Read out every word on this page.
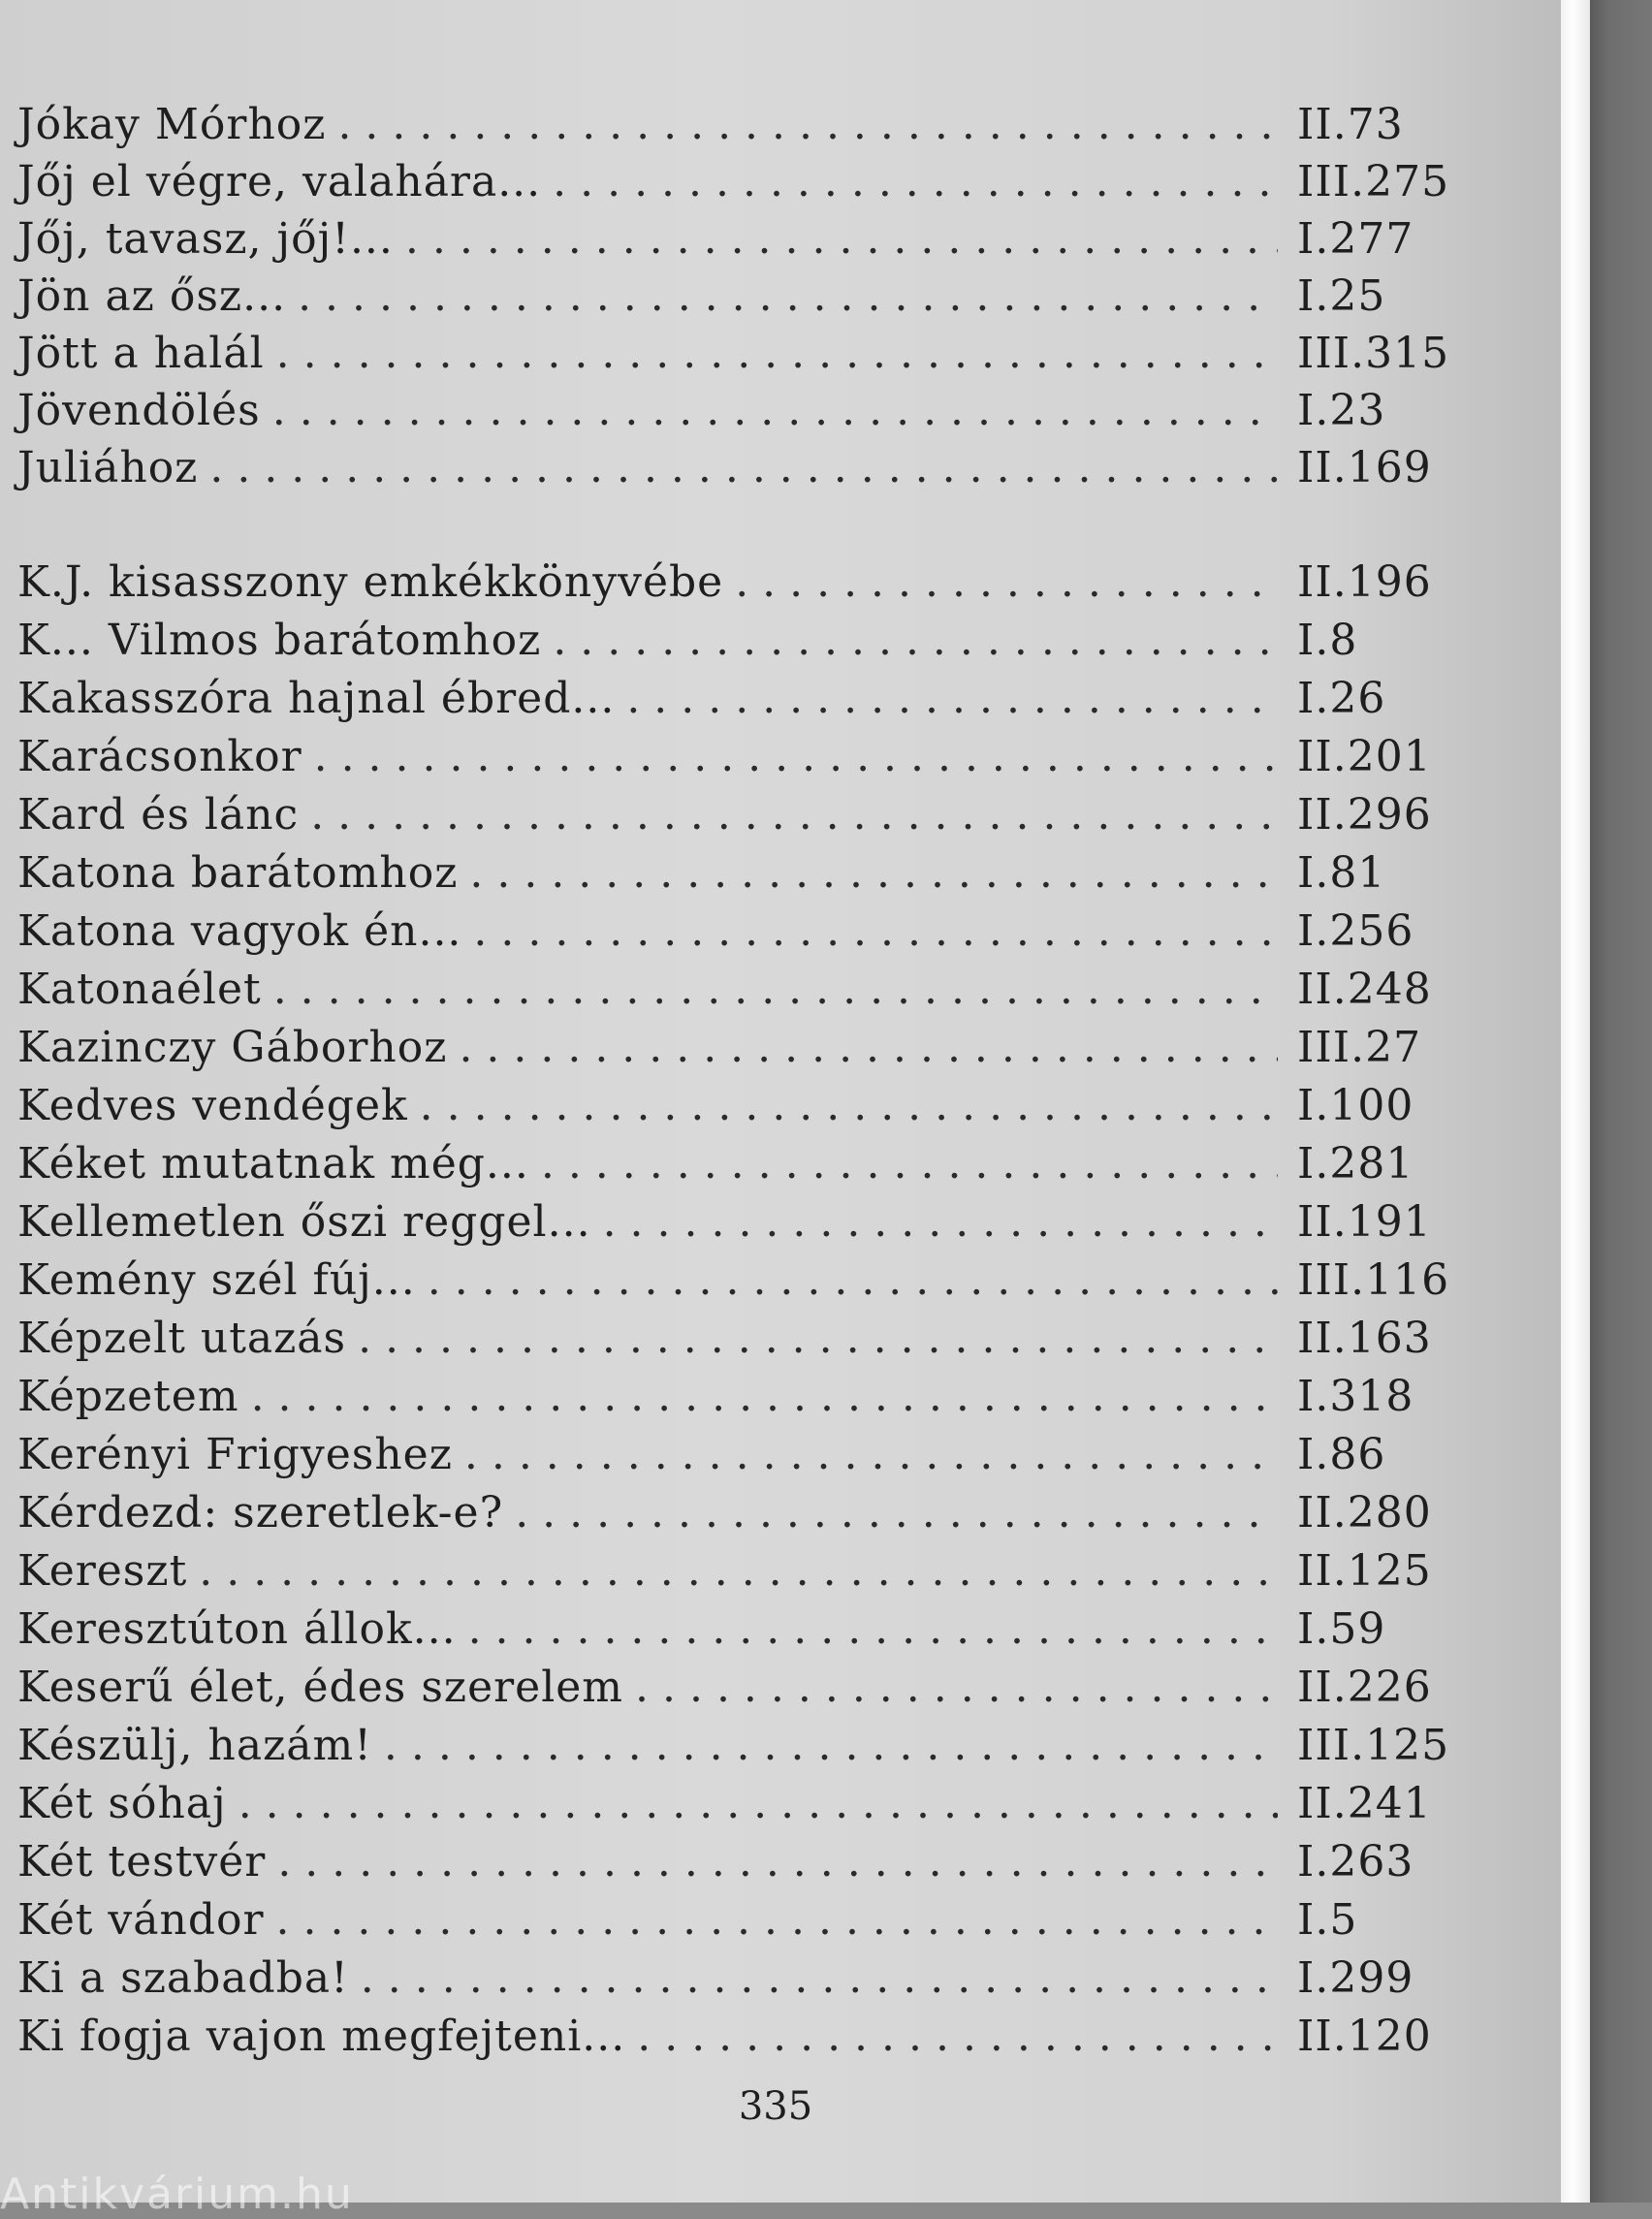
Jókay Mórhoz . . .	II.73
Jőj el végre, valahára... . . .	III.275
Jőj, tavasz, jőj!... . . .	I.277
Jön az ősz... . . .	I.25
Jött a halál . . .	III.315
Jövendölés . . .	I.23
Juliához . . .	II.169
K.J. kisasszony emkékkönyvébe . . .	II.196
K... Vilmos barátomhoz . . .	I.8
Kakasszóra hajnal ébred... . . .	I.26
Karácsonkor . . .	II.201
Kard és lánc . . .	II.296
Katona barátomhoz . . .	I.81
Katona vagyok én... . . .	I.256
Katonaélet . . .	II.248
Kazinczy Gáborhoz . . .	III.27
Kedves vendégek . . .	I.100
Kéket mutatnak még... . . .	I.281
Kellemetlen őszi reggel... . . .	II.191
Kemény szél fúj... . . .	III.116
Képzelt utazás . . .	II.163
Képzetem . . .	I.318
Kerényi Frigyeshez . . .	I.86
Kérdezd: szeretlek-e? . . .	II.280
Kereszt . . .	II.125
Keresztúton állok... . . .	I.59
Keserű élet, édes szerelem . . .	II.226
Készülj, hazám! . . .	III.125
Két sóhaj . . .	II.241
Két testvér . . .	I.263
Két vándor . . .	I.5
Ki a szabadba! . . .	I.299
Ki fogja vajon megfejteni... . . .	II.120
335
Antikvárium.hu
